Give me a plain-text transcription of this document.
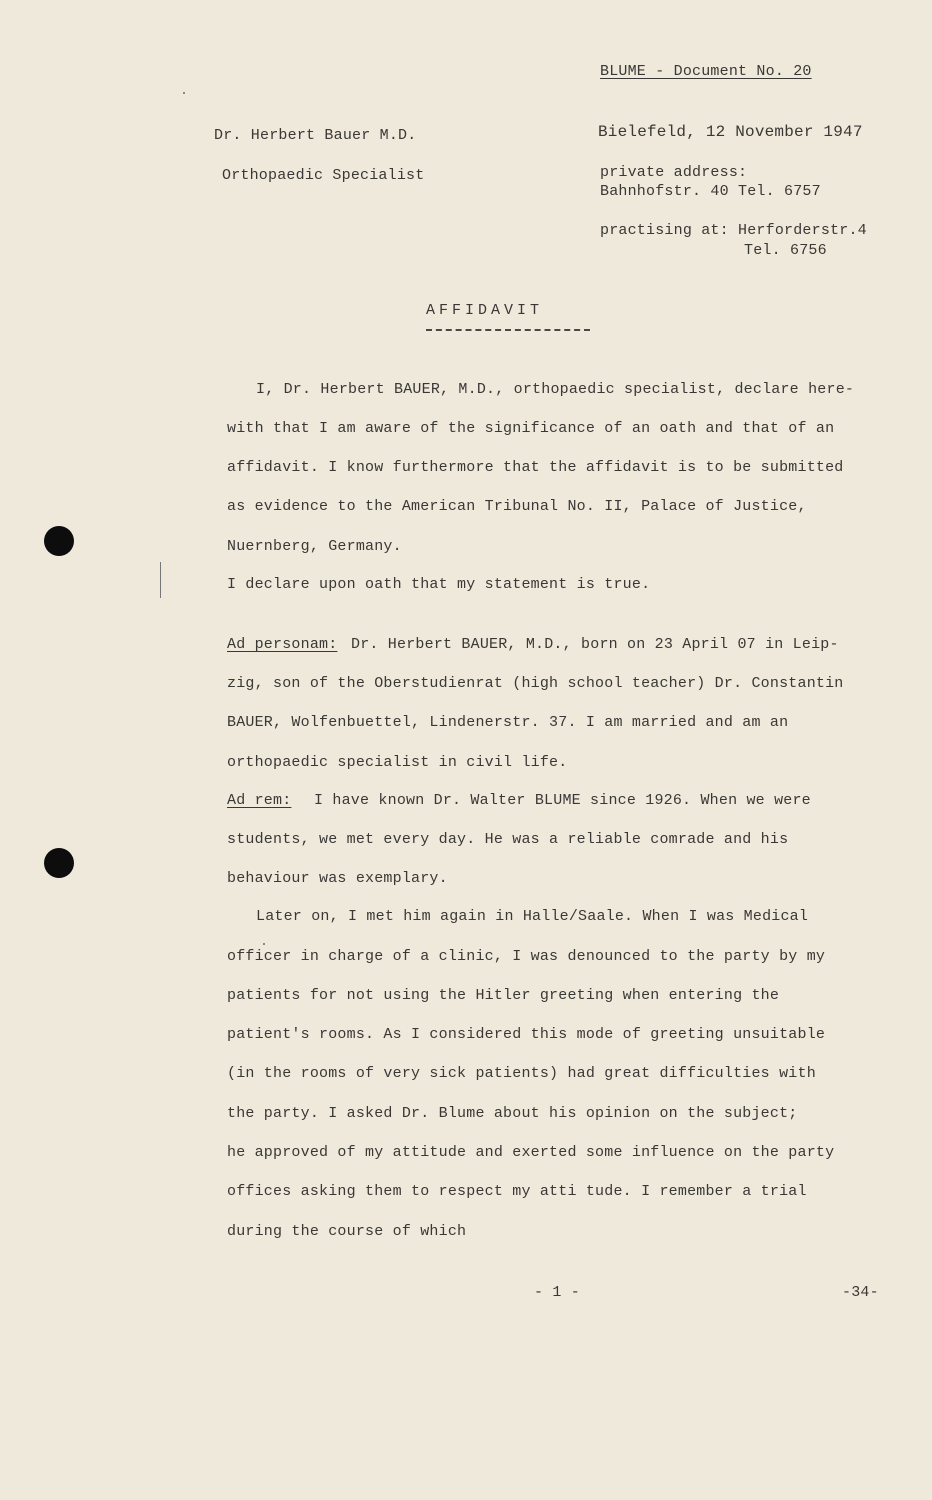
BLUME - Document No. 20
Dr. Herbert Bauer M.D.
Orthopaedic Specialist
Bielefeld, 12 November 1947
private address:
Bahnhofstr. 40 Tel. 6757
practising at: Herforderstr.4
Tel. 6756
AFFIDAVIT
I, Dr. Herbert BAUER, M.D., orthopaedic specialist, declare here-
with that I am aware of the significance of an oath and that of an
affidavit. I know furthermore that the affidavit is to be submitted
as evidence to the American Tribunal No. II, Palace of Justice,
Nuernberg, Germany.
I declare upon oath that my statement is true.
Ad personam: Dr. Herbert BAUER, M.D., born on 23 April 07 in Leip-
zig, son of the Oberstudienrat (high school teacher) Dr. Constantin
BAUER, Wolfenbuettel, Lindenerstr. 37. I am married and am an
orthopaedic specialist in civil life.
Ad rem: I have known Dr. Walter BLUME since 1926. When we were
students, we met every day. He was a reliable comrade and his
behaviour was exemplary.
Later on, I met him again in Halle/Saale. When I was Medical
officer in charge of a clinic, I was denounced to the party by my
patients for not using the Hitler greeting when entering the
patient's rooms. As I considered this mode of greeting unsuitable
(in the rooms of very sick patients) had great difficulties with
the party. I asked Dr. Blume about his opinion on the subject;
he approved of my attitude and exerted some influence on the party
offices asking them to respect my atti tude. I remember a trial
during the course of which
- 1 -	-34-
